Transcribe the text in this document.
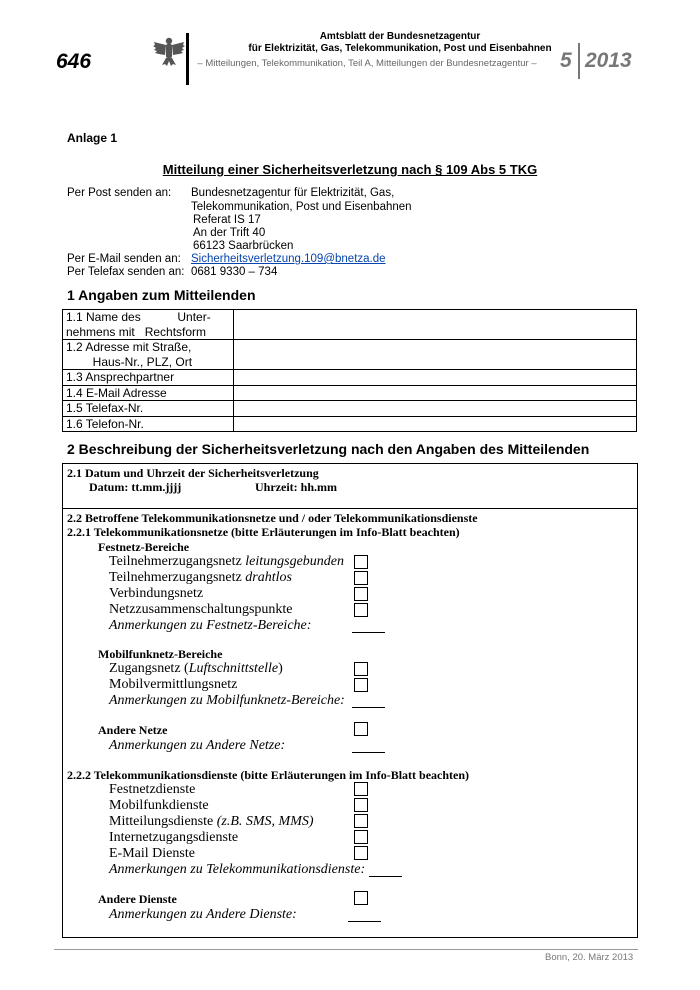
646
Amtsblatt der Bundesnetzagentur
für Elektrizität, Gas, Telekommunikation, Post und Eisenbahnen
– Mitteilungen, Telekommunikation, Teil A, Mitteilungen der Bundesnetzagentur – 5 2013
Anlage 1
Mitteilung einer Sicherheitsverletzung nach § 109 Abs 5 TKG
Per Post senden an: Bundesnetzagentur für Elektrizität, Gas,
Telekommunikation, Post und Eisenbahnen
Referat IS 17
An der Trift 40
66123 Saarbrücken
Per E-Mail senden an: Sicherheitsverletzung.109@bnetza.de
Per Telefax senden an: 0681 9330 – 734
1 Angaben zum Mitteilenden
1.1 Name des           Unter-
nehmens mit   Rechtsform	

1.2 Adresse mit Straße,
Haus-Nr., PLZ, Ort	

1.3 Ansprechpartner	
1.4 E-Mail Adresse	
1.5 Telefax-Nr.	
1.6 Telefon-Nr.	
2 Beschreibung der Sicherheitsverletzung nach den Angaben des Mitteilenden
2.1 Datum und Uhrzeit der Sicherheitsverletzung
Datum: tt.mm.jjjj	Uhrzeit: hh.mm
2.2 Betroffene Telekommunikationsnetze und / oder Telekommunikationsdienste
2.2.1 Telekommunikationsnetze (bitte Erläuterungen im Info-Blatt beachten)
Festnetz-Bereiche
Teilnehmerzugangsnetz leitungsgebunden
Teilnehmerzugangsnetz drahtlos
Verbindungsnetz
Netzzusammenschaltungspunkte
Anmerkungen zu Festnetz-Bereiche:
Mobilfunknetz-Bereiche
Zugangsnetz (Luftschnittstelle)
Mobilvermittlungsnetz
Anmerkungen zu Mobilfunknetz-Bereiche:
Andere Netze
Anmerkungen zu Andere Netze:
2.2.2 Telekommunikationsdienste (bitte Erläuterungen im Info-Blatt beachten)
Festnetzdienste
Mobilfunkdienste
Mitteilungsdienste (z.B. SMS, MMS)
Internetzugangsdienste
E-Mail Dienste
Anmerkungen zu Telekommunikationsdienste:
Andere Dienste
Anmerkungen zu Andere Dienste:
Bonn, 20. März 2013
